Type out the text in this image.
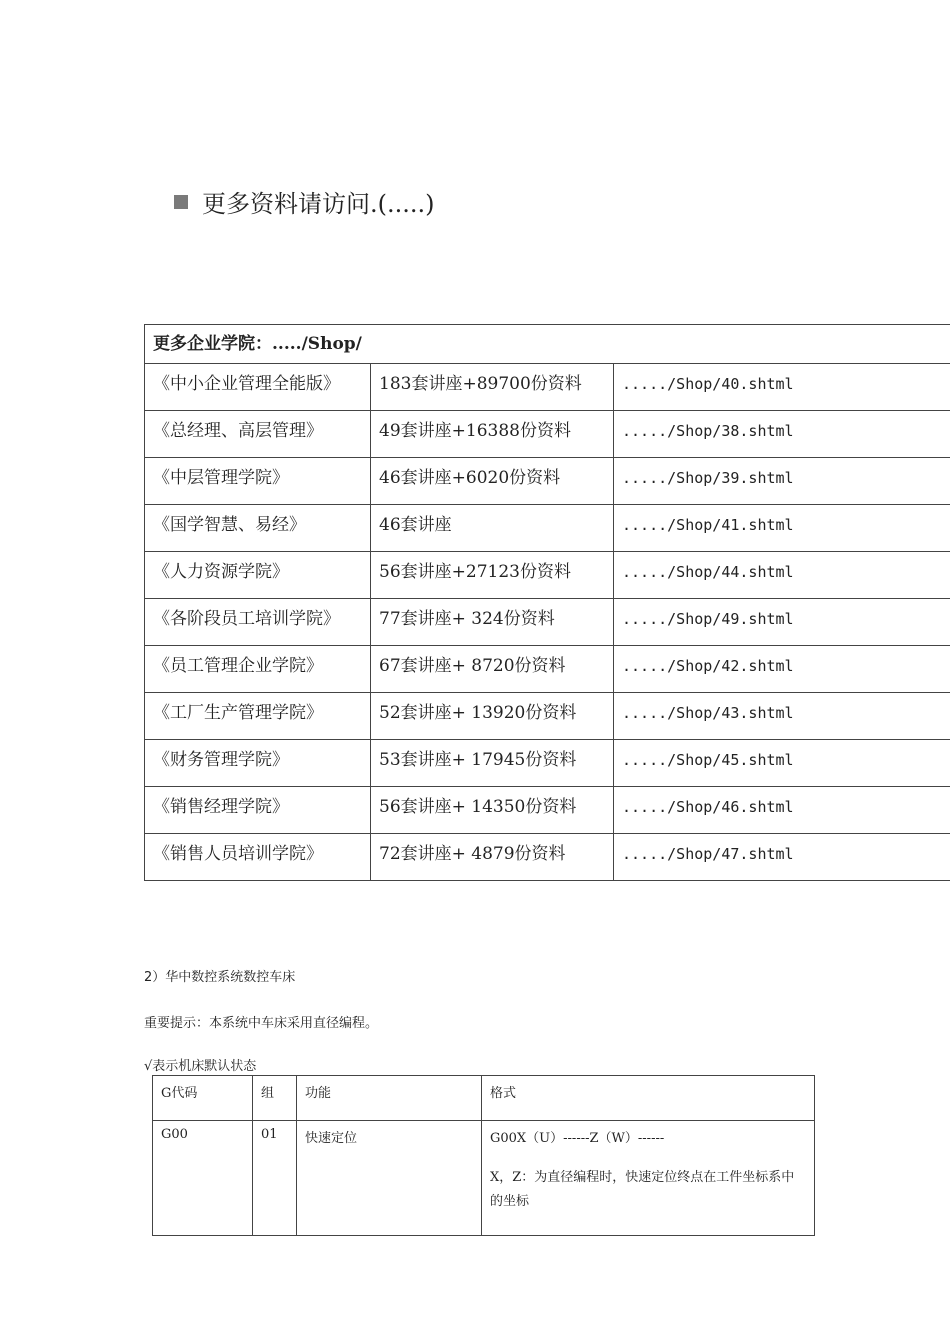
更多资料请访问.(.....)
更多企业学院：...../Shop/		
《中小企业管理全能版》	183套讲座+89700份资料	...../Shop/40.shtml
《总经理、高层管理》	49套讲座+16388份资料	...../Shop/38.shtml
《中层管理学院》	46套讲座+6020份资料	...../Shop/39.shtml
《国学智慧、易经》	46套讲座	...../Shop/41.shtml
《人力资源学院》	56套讲座+27123份资料	...../Shop/44.shtml
《各阶段员工培训学院》	77套讲座+ 324份资料	...../Shop/49.shtml
《员工管理企业学院》	67套讲座+ 8720份资料	...../Shop/42.shtml
《工厂生产管理学院》	52套讲座+ 13920份资料	...../Shop/43.shtml
《财务管理学院》	53套讲座+ 17945份资料	...../Shop/45.shtml
《销售经理学院》	56套讲座+ 14350份资料	...../Shop/46.shtml
《销售人员培训学院》	72套讲座+ 4879份资料	...../Shop/47.shtml
2）华中数控系统数控车床
重要提示：本系统中车床采用直径编程。
√表示机床默认状态
G代码	组	功能	格式
G00	01	快速定位	G00X（U）------Z（W）------
X，Z：为直径编程时，快速定位终点在工件坐标系中的坐标
